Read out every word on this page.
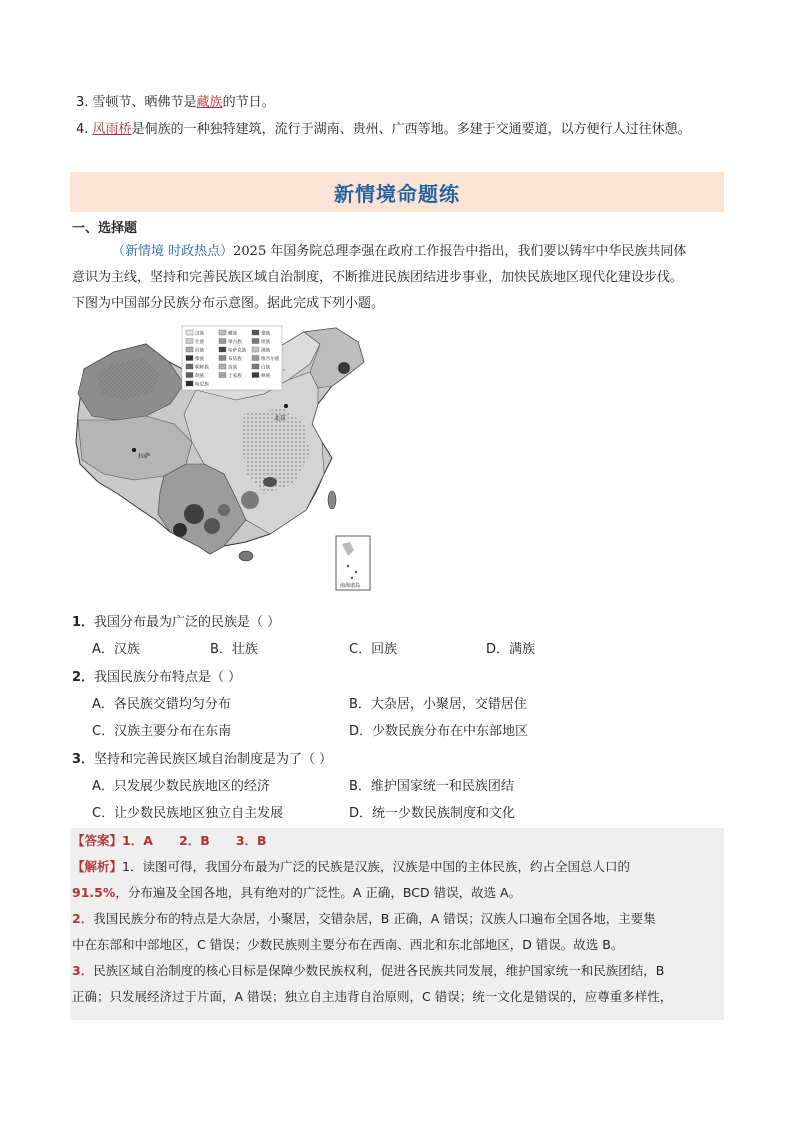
3. 雪顿节、晒佛节是藏族的节日。
4. 风雨桥是侗族的一种独特建筑，流行于湖南、贵州、广西等地。多建于交通要道，以方便行人过往休憩。
新情境命题练
一、选择题
（新情境 时政热点）2025 年国务院总理李强在政府工作报告中指出，我们要以铸牢中华民族共同体
意识为主线，坚持和完善民族区域自治制度，不断推进民族团结进步事业，加快民族地区现代化建设步伐。
下图为中国部分民族分布示意图。据此完成下列小题。
北京
拉萨
汉族	藏族	黎族
壮族	蒙古族	瑶族
回族	哈萨克族	满族
傣族	布依族	维吾尔族
朝鲜族	苗族	白族
侗族	土家族	彝族
哈尼族
南海诸岛
1．我国分布最为广泛的民族是（ ）
A．汉族	B．壮族	C．回族	D．满族
2．我国民族分布特点是（ ）
A．各民族交错均匀分布	B．大杂居，小聚居，交错居住
C．汉族主要分布在东南	D．少数民族分布在中东部地区
3．坚持和完善民族区域自治制度是为了（ ）
A．只发展少数民族地区的经济	B．维护国家统一和民族团结
C．让少数民族地区独立自主发展	D．统一少数民族制度和文化
【答案】1．A      2．B      3．B
【解析】1．读图可得，我国分布最为广泛的民族是汉族，汉族是中国的主体民族，约占全国总人口的
91.5%，分布遍及全国各地，具有绝对的广泛性。A 正确，BCD 错误，故选 A。
2．我国民族分布的特点是大杂居，小聚居，交错杂居，B 正确，A 错误；汉族人口遍布全国各地，主要集
中在东部和中部地区，C 错误；少数民族则主要分布在西南、西北和东北部地区，D 错误。故选 B。
3．民族区域自治制度的核心目标是保障少数民族权利，促进各民族共同发展，维护国家统一和民族团结，B
正确；只发展经济过于片面，A 错误；独立自主违背自治原则，C 错误；统一文化是错误的，应尊重多样性，
